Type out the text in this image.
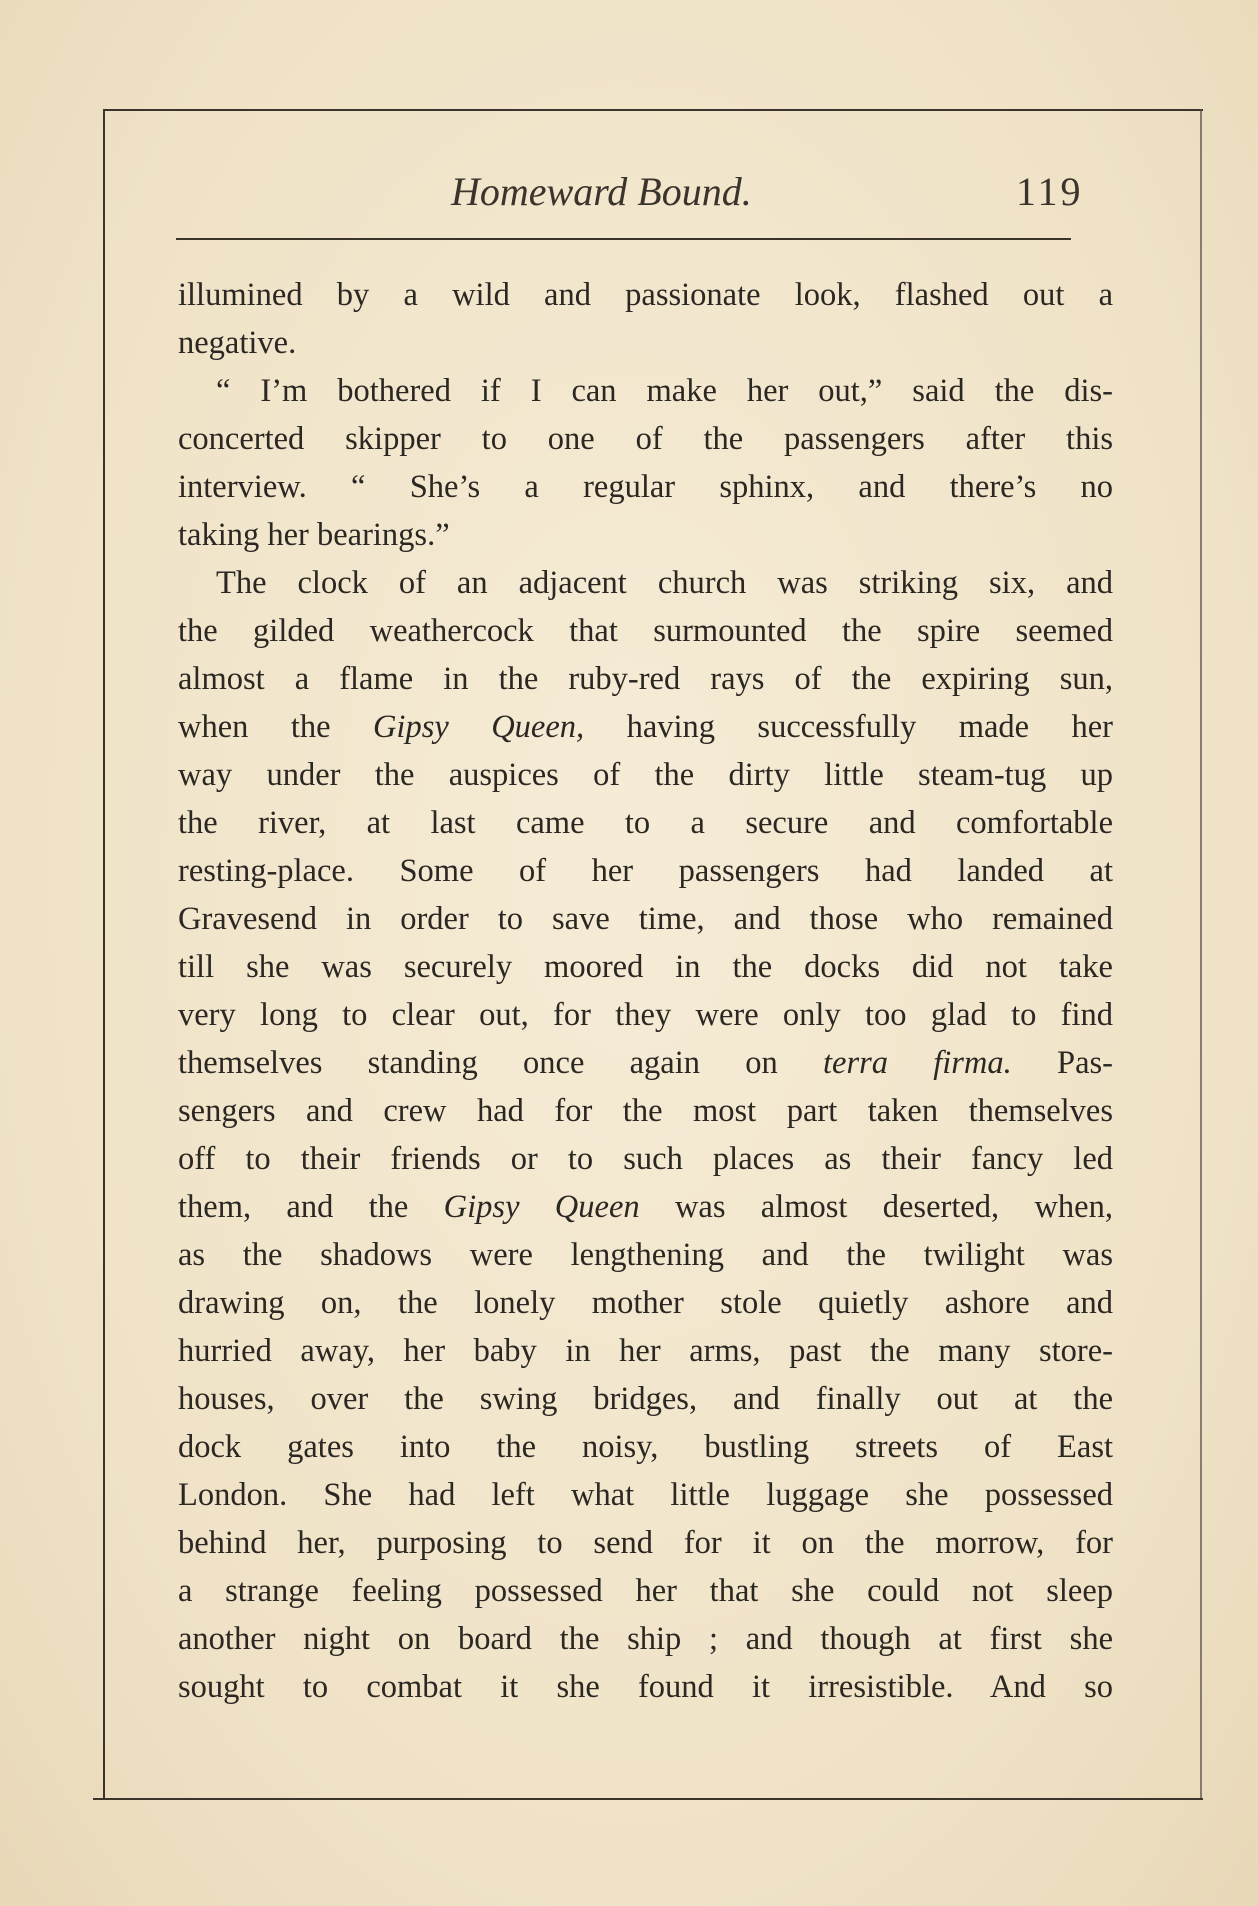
Homeward Bound.	119
illumined by a wild and passionate look, flashed out a
negative.
“ I’m bothered if I can make her out,” said the dis-
concerted skipper to one of the passengers after this
interview. “ She’s a regular sphinx, and there’s no
taking her bearings.”
The clock of an adjacent church was striking six, and
the gilded weathercock that surmounted the spire seemed
almost a flame in the ruby-red rays of the expiring sun,
when the Gipsy Queen, having successfully made her
way under the auspices of the dirty little steam-tug up
the river, at last came to a secure and comfortable
resting-place. Some of her passengers had landed at
Gravesend in order to save time, and those who remained
till she was securely moored in the docks did not take
very long to clear out, for they were only too glad to find
themselves standing once again on terra firma. Pas-
sengers and crew had for the most part taken themselves
off to their friends or to such places as their fancy led
them, and the Gipsy Queen was almost deserted, when,
as the shadows were lengthening and the twilight was
drawing on, the lonely mother stole quietly ashore and
hurried away, her baby in her arms, past the many store-
houses, over the swing bridges, and finally out at the
dock gates into the noisy, bustling streets of East
London. She had left what little luggage she possessed
behind her, purposing to send for it on the morrow, for
a strange feeling possessed her that she could not sleep
another night on board the ship ; and though at first she
sought to combat it she found it irresistible. And so
